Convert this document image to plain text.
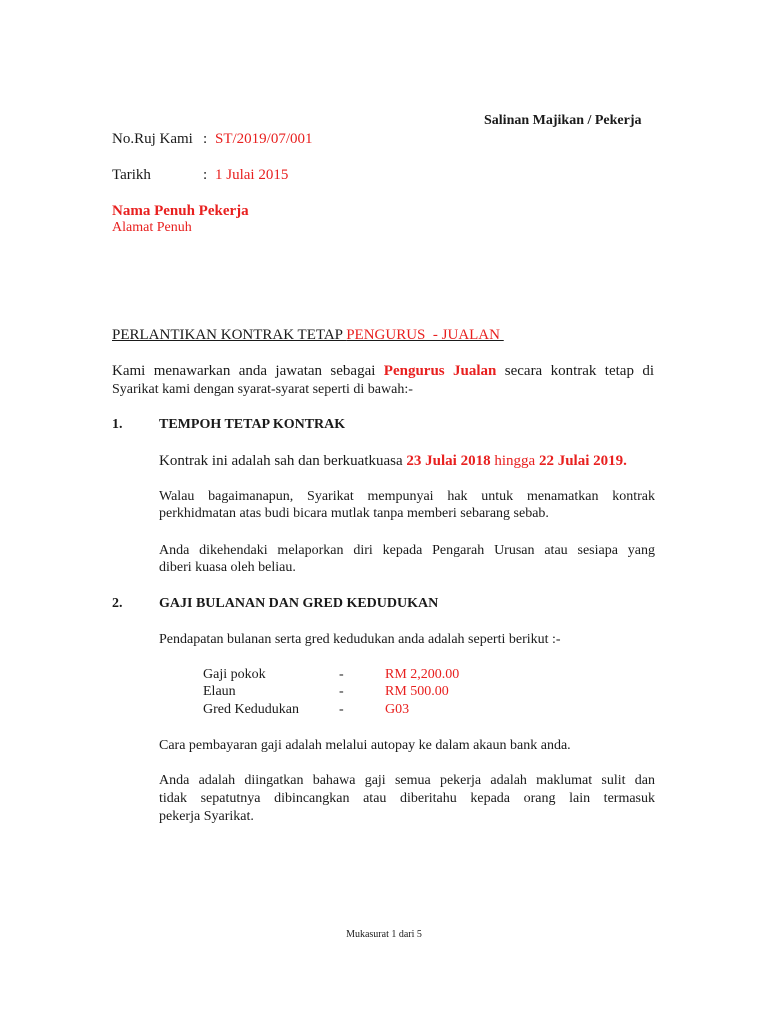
Salinan Majikan / Pekerja
No.Ruj Kami : ST/2019/07/001
Tarikh	: 1 Julai 2015
Nama Penuh Pekerja
Alamat Penuh
PERLANTIKAN KONTRAK TETAP PENGURUS  - JUALAN
Kami menawarkan anda jawatan sebagai Pengurus Jualan secara kontrak tetap di
Syarikat kami dengan syarat-syarat seperti di bawah:-
1.	TEMPOH TETAP KONTRAK
Kontrak ini adalah sah dan berkuatkuasa 23 Julai 2018 hingga 22 Julai 2019.
Walau bagaimanapun, Syarikat mempunyai hak untuk menamatkan kontrak
perkhidmatan atas budi bicara mutlak tanpa memberi sebarang sebab.
Anda dikehendaki melaporkan diri kepada Pengarah Urusan atau sesiapa yang
diberi kuasa oleh beliau.
2.	GAJI BULANAN DAN GRED KEDUDUKAN
Pendapatan bulanan serta gred kedudukan anda adalah seperti berikut :-
Gaji pokok	-	RM 2,200.00
Elaun	-	RM 500.00
Gred Kedudukan	-	G03
Cara pembayaran gaji adalah melalui autopay ke dalam akaun bank anda.
Anda adalah diingatkan bahawa gaji semua pekerja adalah maklumat sulit dan
tidak sepatutnya dibincangkan atau diberitahu kepada orang lain termasuk
pekerja Syarikat.
Mukasurat 1 dari 5
